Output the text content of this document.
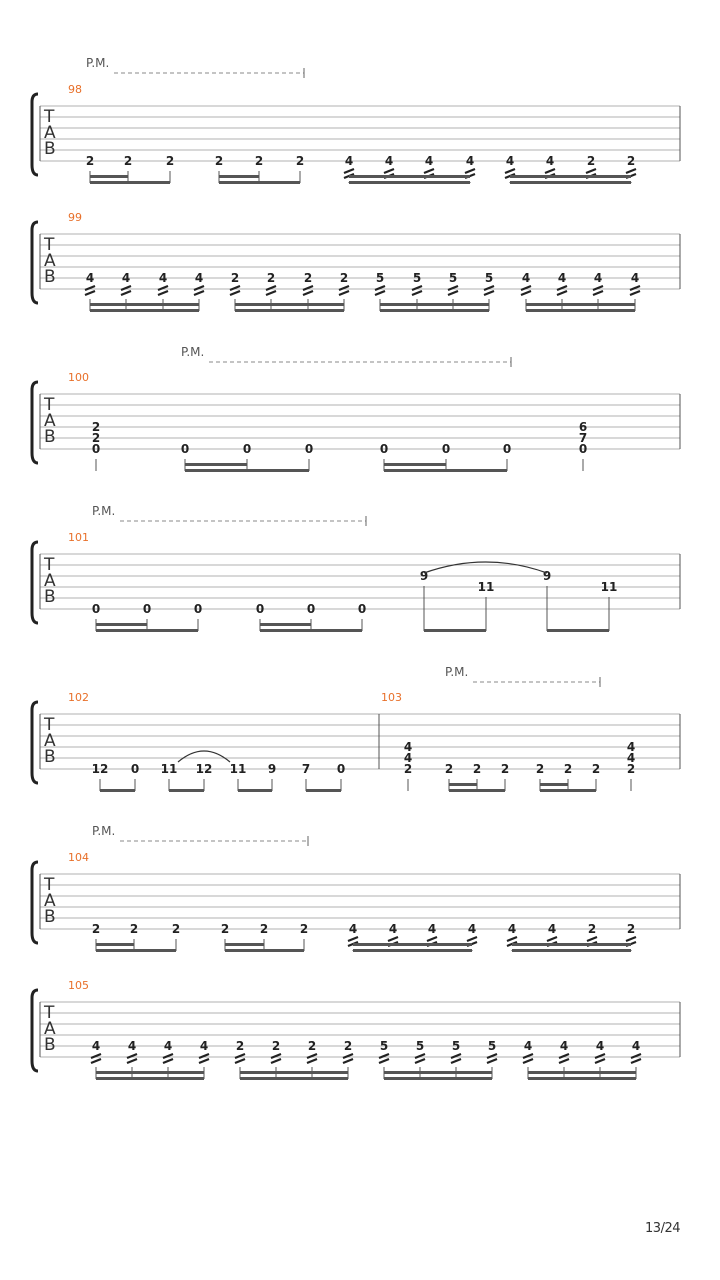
T
A
B
P.M.
98
2 2	2	2	2	2	4	4	4	4	4	4	2	2
T
A
B
99
4 4 4 4 2 2 2 2 5 5 5 5 4 4 4 4
T
A
B
P.M.
100
2
2
0	0	0	0	0	0	0
6
7
0
T
A
B
P.M.
101
0	0	0	0	0	0
9
11
9
11
T
A
B
P.M.
102	103
12 0 11 12 11 9 7 0
4
4
2	2 2 2 2 2 2
4
4
2
T
A
B
P.M.
104
2 2	2	2	2	2	4	4	4	4	4	4	2	2
T
A
B
105
4 4 4 4 2 2 2 2 5 5 5 5 4 4 4 4
13/24
